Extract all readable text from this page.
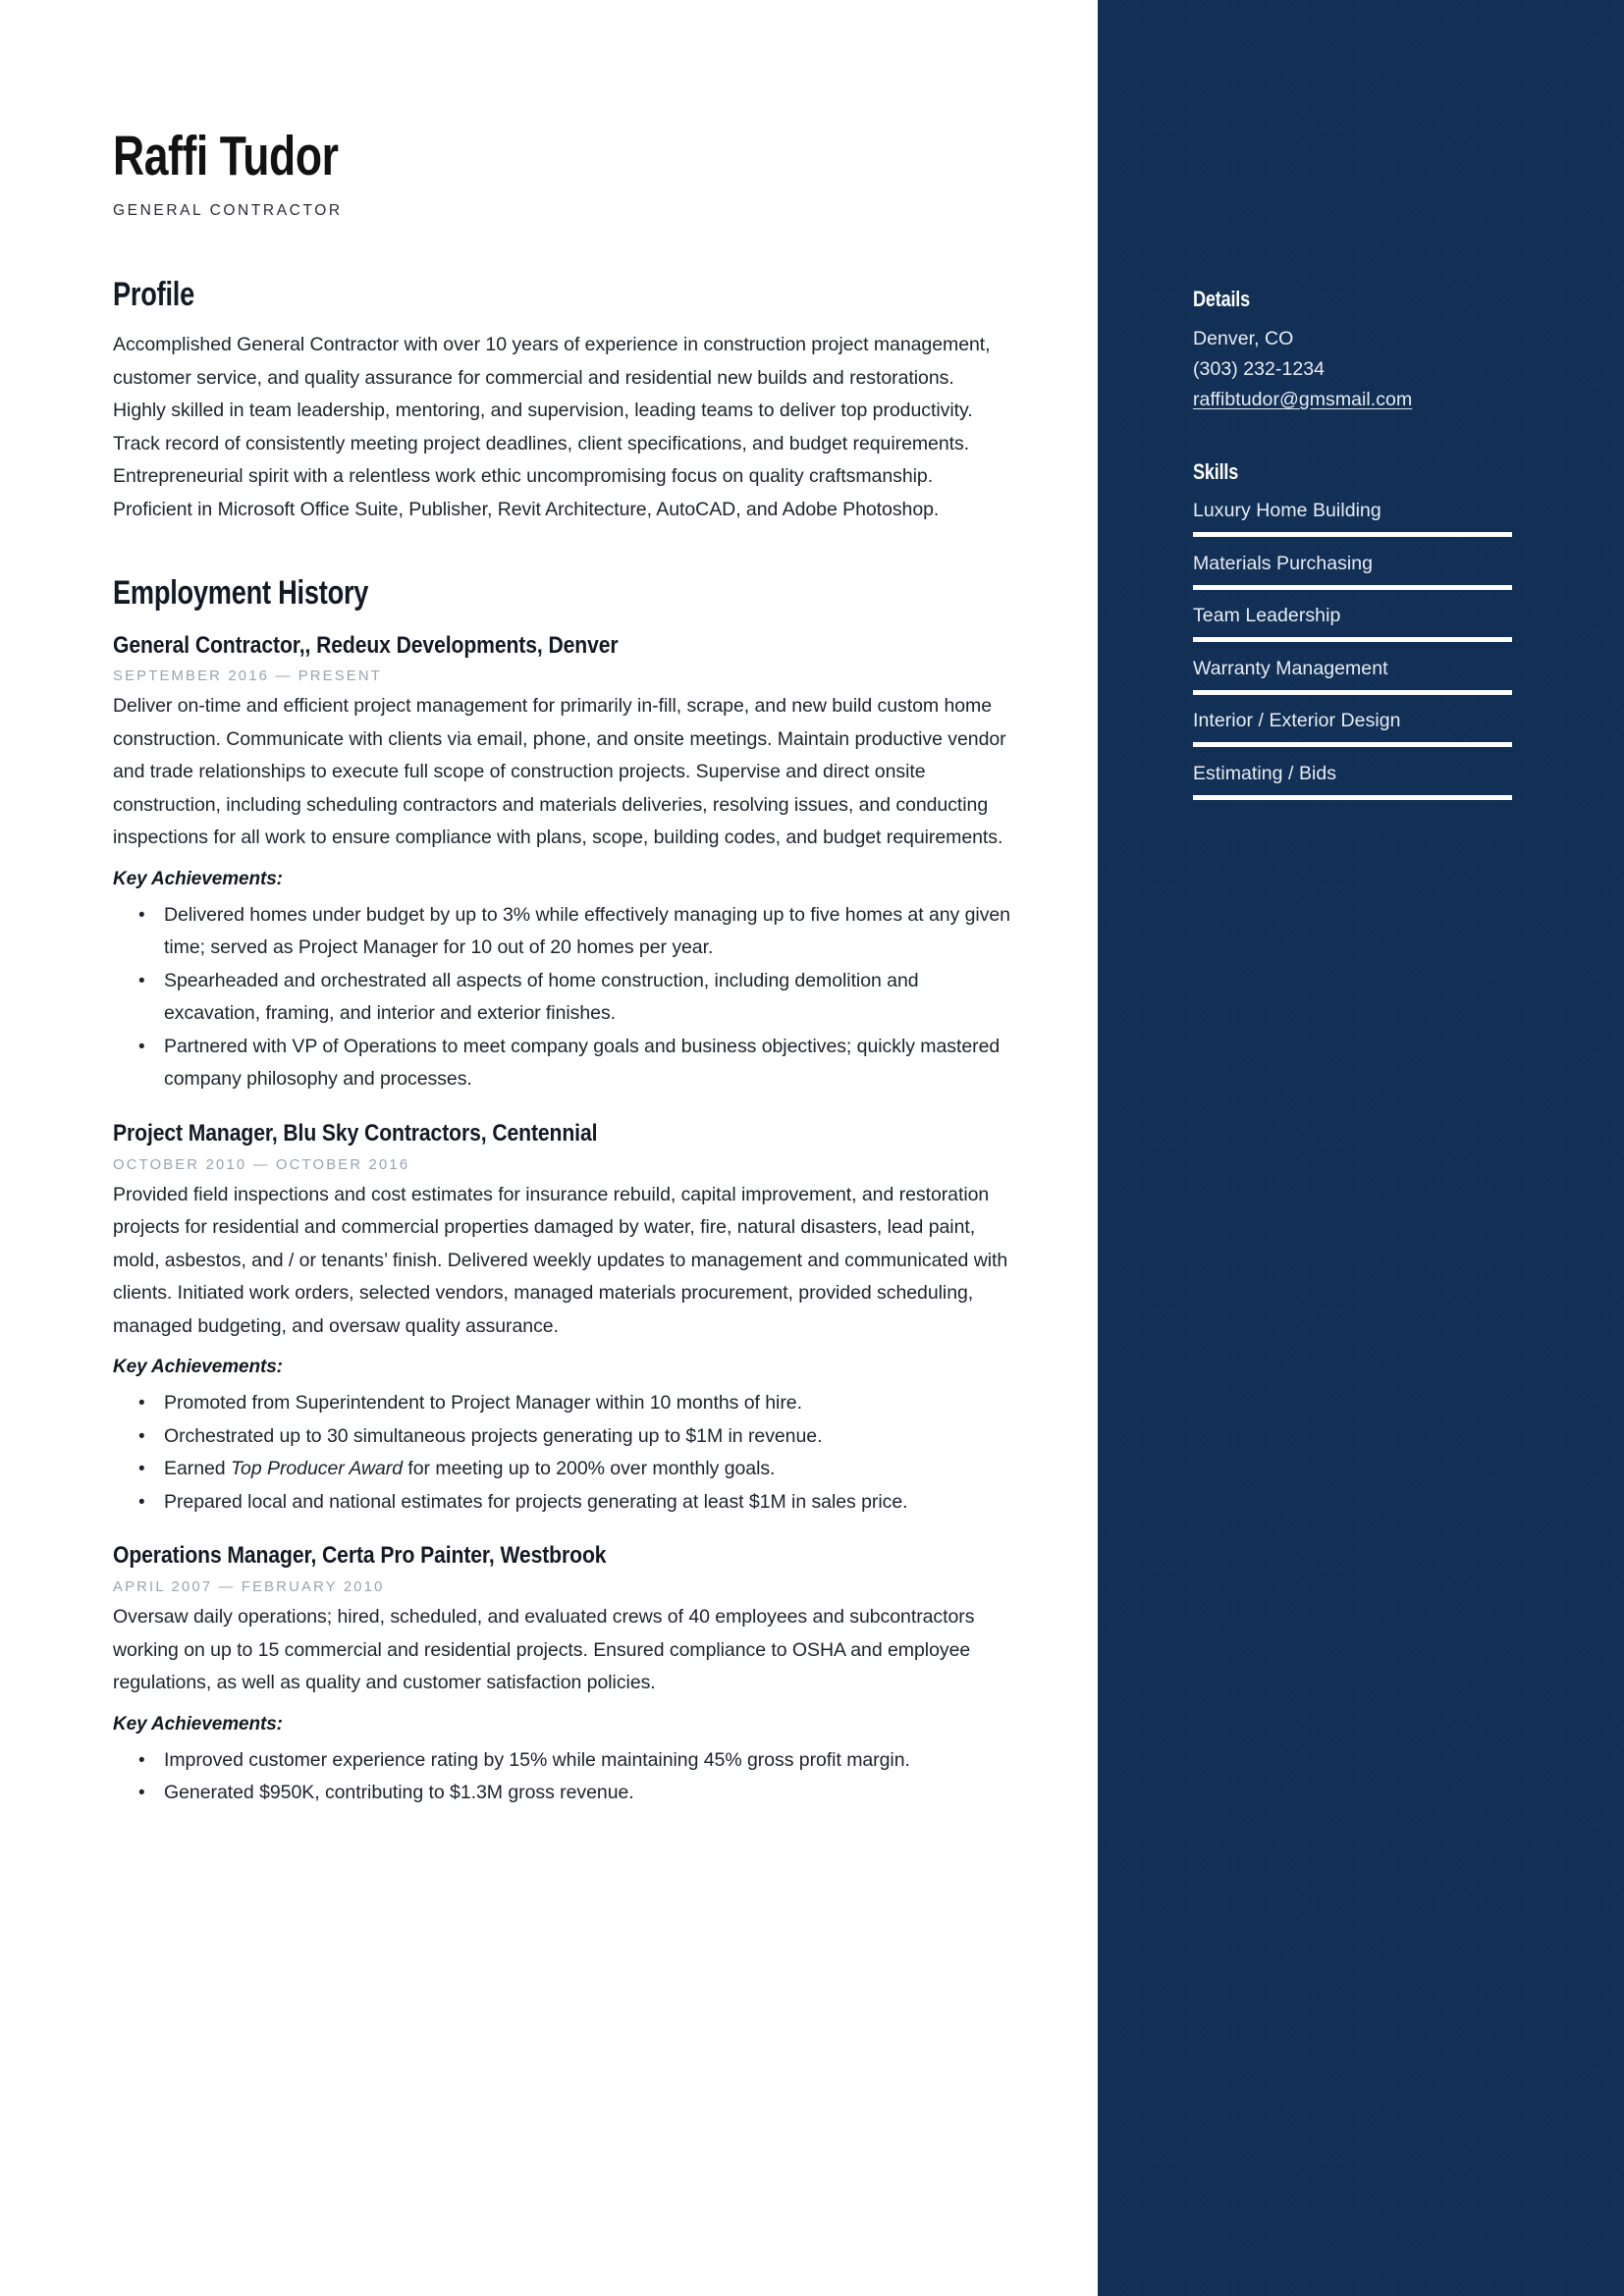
Raffi Tudor
GENERAL CONTRACTOR
Profile

Accomplished General Contractor with over 10 years of experience in construction project management, customer service, and quality assurance for commercial and residential new builds and restorations. Highly skilled in team leadership, mentoring, and supervision, leading teams to deliver top productivity. Track record of consistently meeting project deadlines, client specifications, and budget requirements. Entrepreneurial spirit with a relentless work ethic uncompromising focus on quality craftsmanship. Proficient in Microsoft Office Suite, Publisher, Revit Architecture, AutoCAD, and Adobe Photoshop.

Employment History
General Contractor,, Redeux Developments, Denver
SEPTEMBER 2016 — PRESENT

Deliver on-time and efficient project management for primarily in-fill, scrape, and new build custom home construction. Communicate with clients via email, phone, and onsite meetings. Maintain productive vendor and trade relationships to execute full scope of construction projects. Supervise and direct onsite construction, including scheduling contractors and materials deliveries, resolving issues, and conducting inspections for all work to ensure compliance with plans, scope, building codes, and budget requirements.

Key Achievements:
• Delivered homes under budget by up to 3% while effectively managing up to five homes at any given time; served as Project Manager for 10 out of 20 homes per year.
• Spearheaded and orchestrated all aspects of home construction, including demolition and excavation, framing, and interior and exterior finishes.
• Partnered with VP of Operations to meet company goals and business objectives; quickly mastered company philosophy and processes.
Project Manager, Blu Sky Contractors, Centennial
OCTOBER 2010 — OCTOBER 2016

Provided field inspections and cost estimates for insurance rebuild, capital improvement, and restoration projects for residential and commercial properties damaged by water, fire, natural disasters, lead paint, mold, asbestos, and / or tenants’ finish. Delivered weekly updates to management and communicated with clients. Initiated work orders, selected vendors, managed materials procurement, provided scheduling, managed budgeting, and oversaw quality assurance.

Key Achievements:
• Promoted from Superintendent to Project Manager within 10 months of hire.
• Orchestrated up to 30 simultaneous projects generating up to $1M in revenue.
• Earned Top Producer Award for meeting up to 200% over monthly goals.
• Prepared local and national estimates for projects generating at least $1M in sales price.
Operations Manager, Certa Pro Painter, Westbrook
APRIL 2007 — FEBRUARY 2010

Oversaw daily operations; hired, scheduled, and evaluated crews of 40 employees and subcontractors working on up to 15 commercial and residential projects. Ensured compliance to OSHA and employee regulations, as well as quality and customer satisfaction policies.

Key Achievements:
• Improved customer experience rating by 15% while maintaining 45% gross profit margin.
• Generated $950K, contributing to $1.3M gross revenue.
Details
Denver, CO
(303) 232-1234
raffibtudor@gmsmail.com
Skills
Luxury Home Building
Materials Purchasing
Team Leadership
Warranty Management
Interior / Exterior Design
Estimating / Bids
